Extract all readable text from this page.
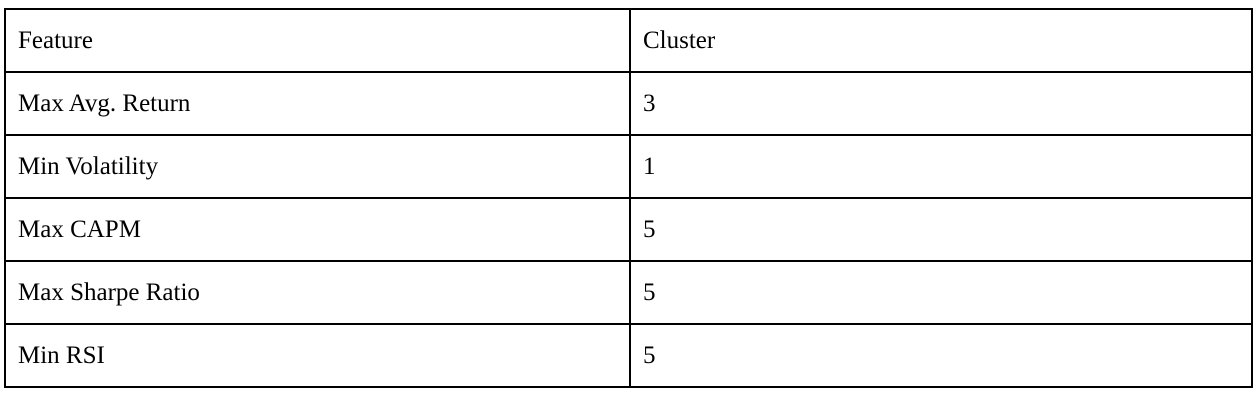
Feature	Cluster
Max Avg. Return	3
Min Volatility	1
Max CAPM	5
Max Sharpe Ratio	5
Min RSI	5
